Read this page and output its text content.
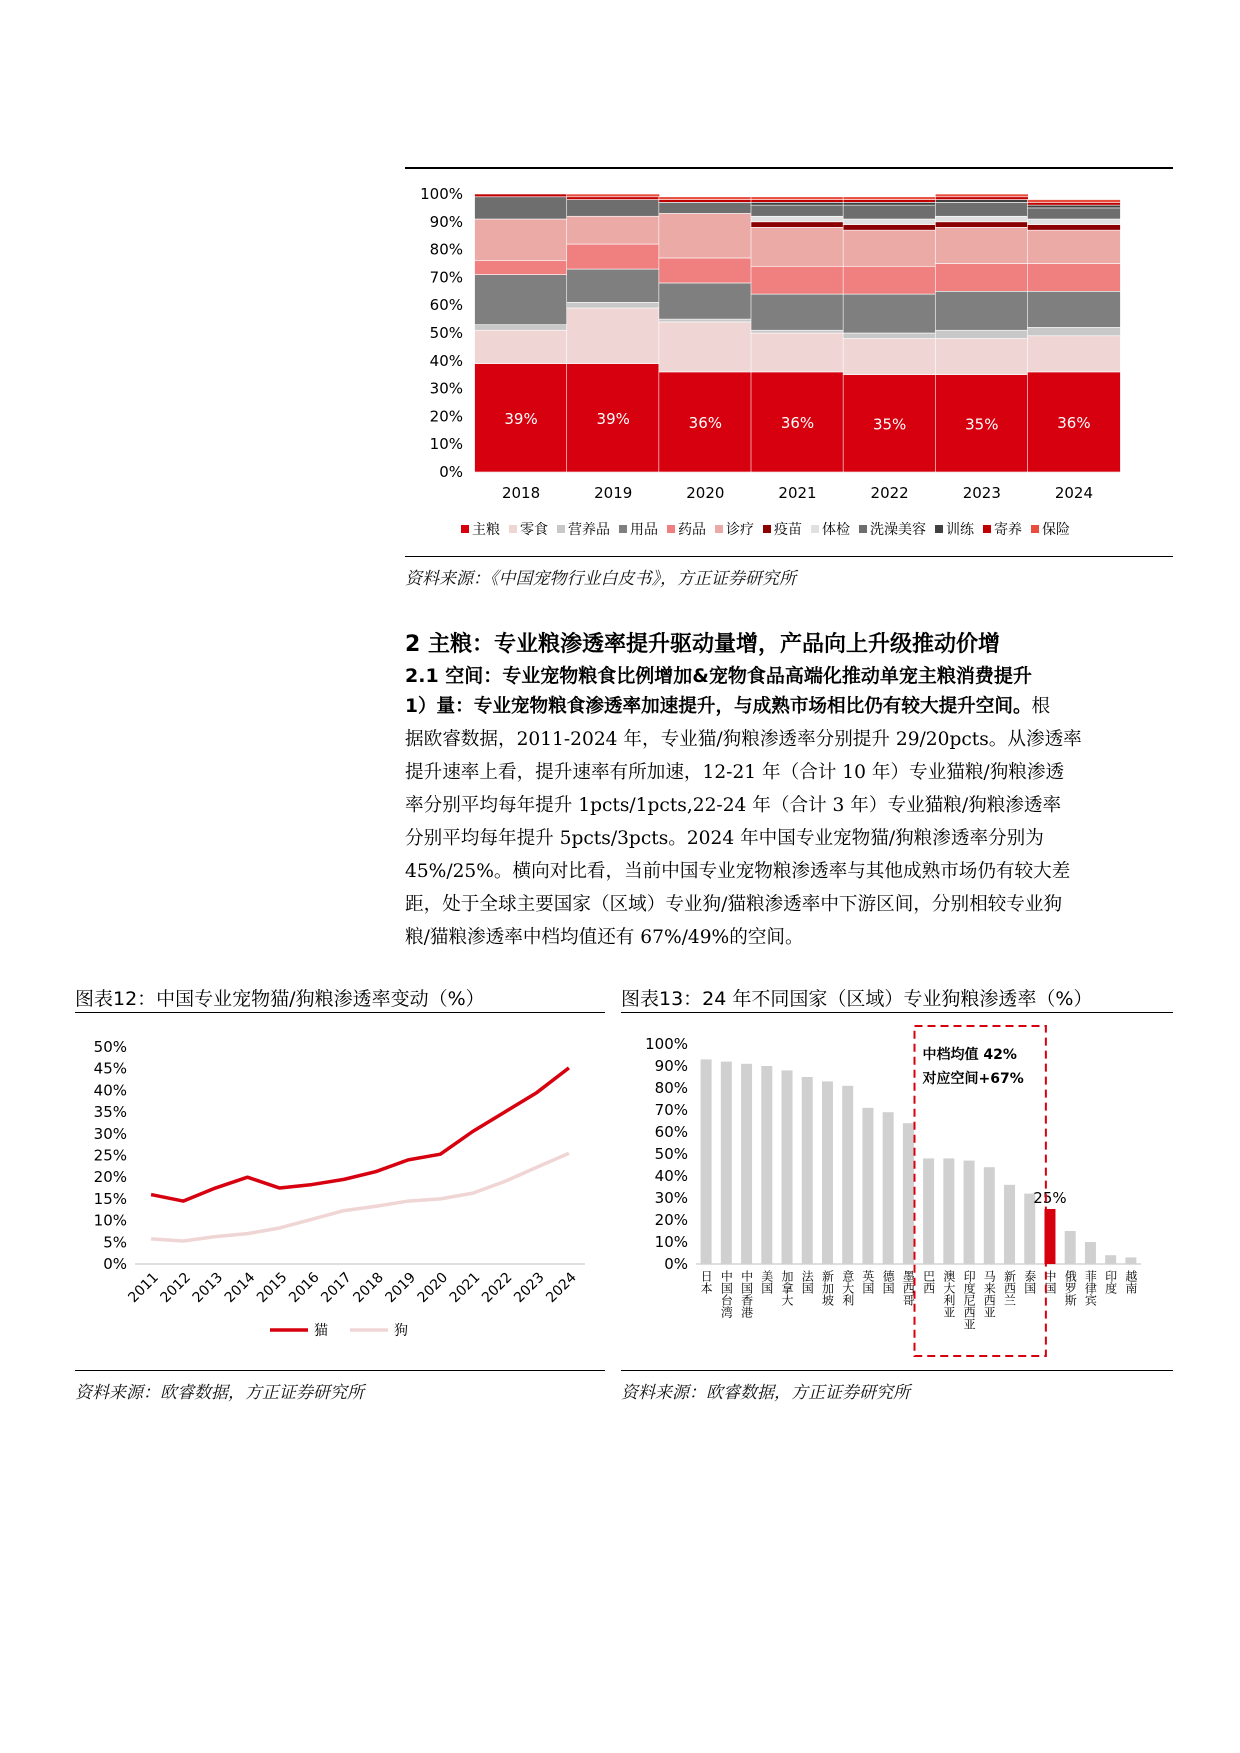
0%
10%
20%
30%
40%
50%
60%
70%
80%
90%
100%
39%
2018
39%
2019
36%
2020
36%
2021
35%
2022
35%
2023
36%
2024
主粮 零食 营养品 用品 药品 诊疗 疫苗 体检 洗澡美容 训练 寄养 保险
资料来源：《中国宠物行业白皮书》，方正证券研究所
2 主粮：专业粮渗透率提升驱动量增，产品向上升级推动价增
2.1 空间：专业宠物粮食比例增加&宠物食品高端化推动单宠主粮消费提升
1）量：专业宠物粮食渗透率加速提升，与成熟市场相比仍有较大提升空间。根
据欧睿数据，2011-2024 年，专业猫/狗粮渗透率分别提升 29/20pcts。从渗透率
提升速率上看，提升速率有所加速，12-21 年（合计 10 年）专业猫粮/狗粮渗透
率分别平均每年提升 1pcts/1pcts,22-24 年（合计 3 年）专业猫粮/狗粮渗透率
分别平均每年提升 5pcts/3pcts。2024 年中国专业宠物猫/狗粮渗透率分别为
45%/25%。横向对比看，当前中国专业宠物粮渗透率与其他成熟市场仍有较大差
距，处于全球主要国家（区域）专业狗/猫粮渗透率中下游区间，分别相较专业狗
粮/猫粮渗透率中档均值还有 67%/49%的空间。
图表12：中国专业宠物猫/狗粮渗透率变动（%）
0%
5%
10%
15%
20%
25%
30%
35%
40%
45%
50%
2011
2012
2013
2014
2015
2016
2017
2018
2019
2020
2021
2022
2023
2024
猫	狗
资料来源：欧睿数据，方正证券研究所
图表13：24 年不同国家（区域）专业狗粮渗透率（%）
0%
10%
20%
30%
40%
50%
60%
70%
80%
90%
100%
日本 中国台湾 中国香港 美国 加拿大 法国 新加坡 意大利 英国 德国 墨西哥 巴西 澳大利亚 印度尼西亚 马来西亚 新西兰 泰国 中国 俄罗斯 菲律宾 印度 越南
25%
中档均值 42%
对应空间+67%
资料来源：欧睿数据，方正证券研究所
